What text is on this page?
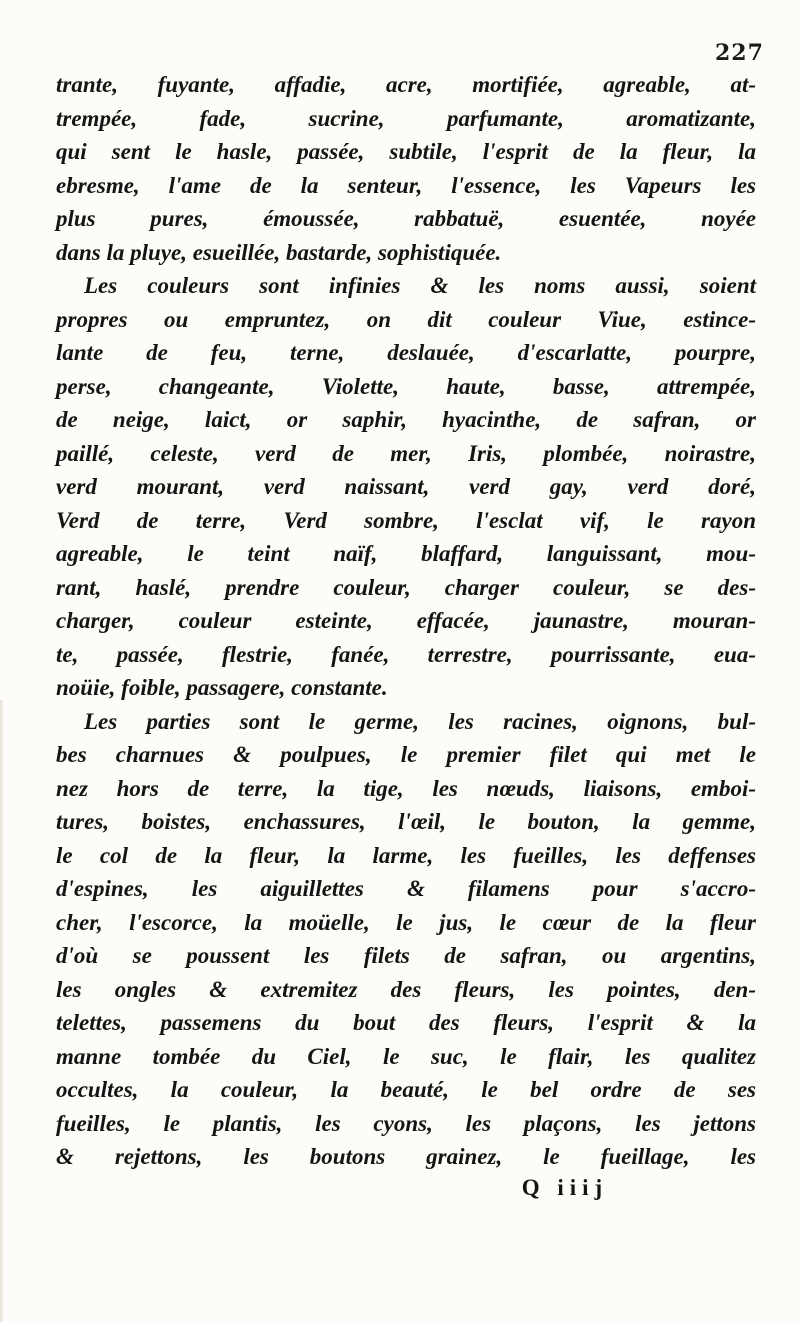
227
trante, fuyante, affadie, acre, mortifiée, agreable, at-
trempée, fade, sucrine, parfumante, aromatizante,
qui sent le hasle, passée, subtile, l'esprit de la fleur, la
ebresme, l'ame de la senteur, l'essence, les Vapeurs les
plus pures, émoussée, rabbatuë, esuentée, noyée
dans la pluye, esueillée, bastarde, sophistiquée.
Les couleurs sont infinies & les noms aussi, soient
propres ou empruntez, on dit couleur Viue, estince-
lante de feu, terne, deslauée, d'escarlatte, pourpre,
perse, changeante, Violette, haute, basse, attrempée,
de neige, laict, or saphir, hyacinthe, de safran, or
paillé, celeste, verd de mer, Iris, plombée, noirastre,
verd mourant, verd naissant, verd gay, verd doré,
Verd de terre, Verd sombre, l'esclat vif, le rayon
agreable, le teint naïf, blaffard, languissant, mou-
rant, haslé, prendre couleur, charger couleur, se des-
charger, couleur esteinte, effacée, jaunastre, mouran-
te, passée, flestrie, fanée, terrestre, pourrissante, eua-
noüie, foible, passagere, constante.
Les parties sont le germe, les racines, oignons, bul-
bes charnues & poulpues, le premier filet qui met le
nez hors de terre, la tige, les nœuds, liaisons, emboi-
tures, boistes, enchassures, l'œil, le bouton, la gemme,
le col de la fleur, la larme, les fueilles, les deffenses
d'espines, les aiguillettes & filamens pour s'accro-
cher, l'escorce, la moüelle, le jus, le cœur de la fleur
d'où se poussent les filets de safran, ou argentins,
les ongles & extremitez des fleurs, les pointes, den-
telettes, passemens du bout des fleurs, l'esprit & la
manne tombée du Ciel, le suc, le flair, les qualitez
occultes, la couleur, la beauté, le bel ordre de ses
fueilles, le plantis, les cyons, les plaçons, les jettons
& rejettons, les boutons grainez, le fueillage, les
Q iiij
